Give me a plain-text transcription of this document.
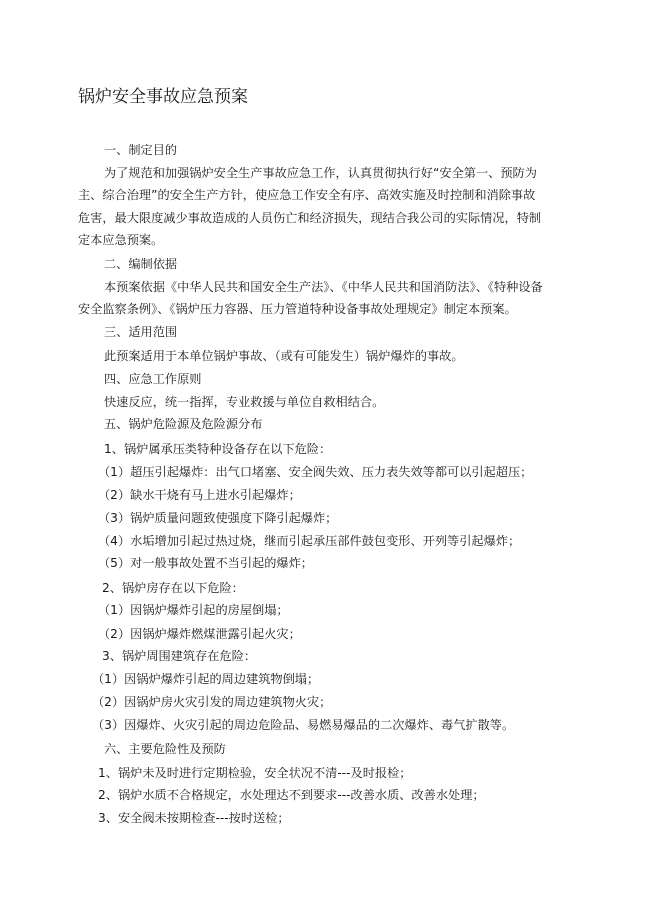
锅炉安全事故应急预案
一、制定目的
为了规范和加强锅炉安全生产事故应急工作，认真贯彻执行好“安全第一、预防为
主、综合治理”的安全生产方针，使应急工作安全有序、高效实施及时控制和消除事故
危害，最大限度减少事故造成的人员伤亡和经济损失，现结合我公司的实际情况，特制
定本应急预案。
二、编制依据
本预案依据《中华人民共和国安全生产法》、《中华人民共和国消防法》、《特种设备
安全监察条例》、《锅炉压力容器、压力管道特种设备事故处理规定》制定本预案。
三、适用范围
此预案适用于本单位锅炉事故、（或有可能发生）锅炉爆炸的事故。
四、应急工作原则
快速反应，统一指挥，专业救援与单位自救相结合。
五、锅炉危险源及危险源分布
1、锅炉属承压类特种设备存在以下危险：
（1）超压引起爆炸：出气口堵塞、安全阀失效、压力表失效等都可以引起超压；
（2）缺水干烧有马上进水引起爆炸；
（3）锅炉质量问题致使强度下降引起爆炸；
（4）水垢增加引起过热过烧，继而引起承压部件鼓包变形、开列等引起爆炸；
（5）对一般事故处置不当引起的爆炸；
2、锅炉房存在以下危险：
（1）因锅炉爆炸引起的房屋倒塌；
（2）因锅炉爆炸燃煤泄露引起火灾；
3、锅炉周围建筑存在危险：
（1）因锅炉爆炸引起的周边建筑物倒塌；
（2）因锅炉房火灾引发的周边建筑物火灾；
（3）因爆炸、火灾引起的周边危险品、易燃易爆品的二次爆炸、毒气扩散等。
六、主要危险性及预防
1、锅炉未及时进行定期检验，安全状况不清---及时报检；
2、锅炉水质不合格规定，水处理达不到要求---改善水质、改善水处理；
3、安全阀未按期检查---按时送检；
